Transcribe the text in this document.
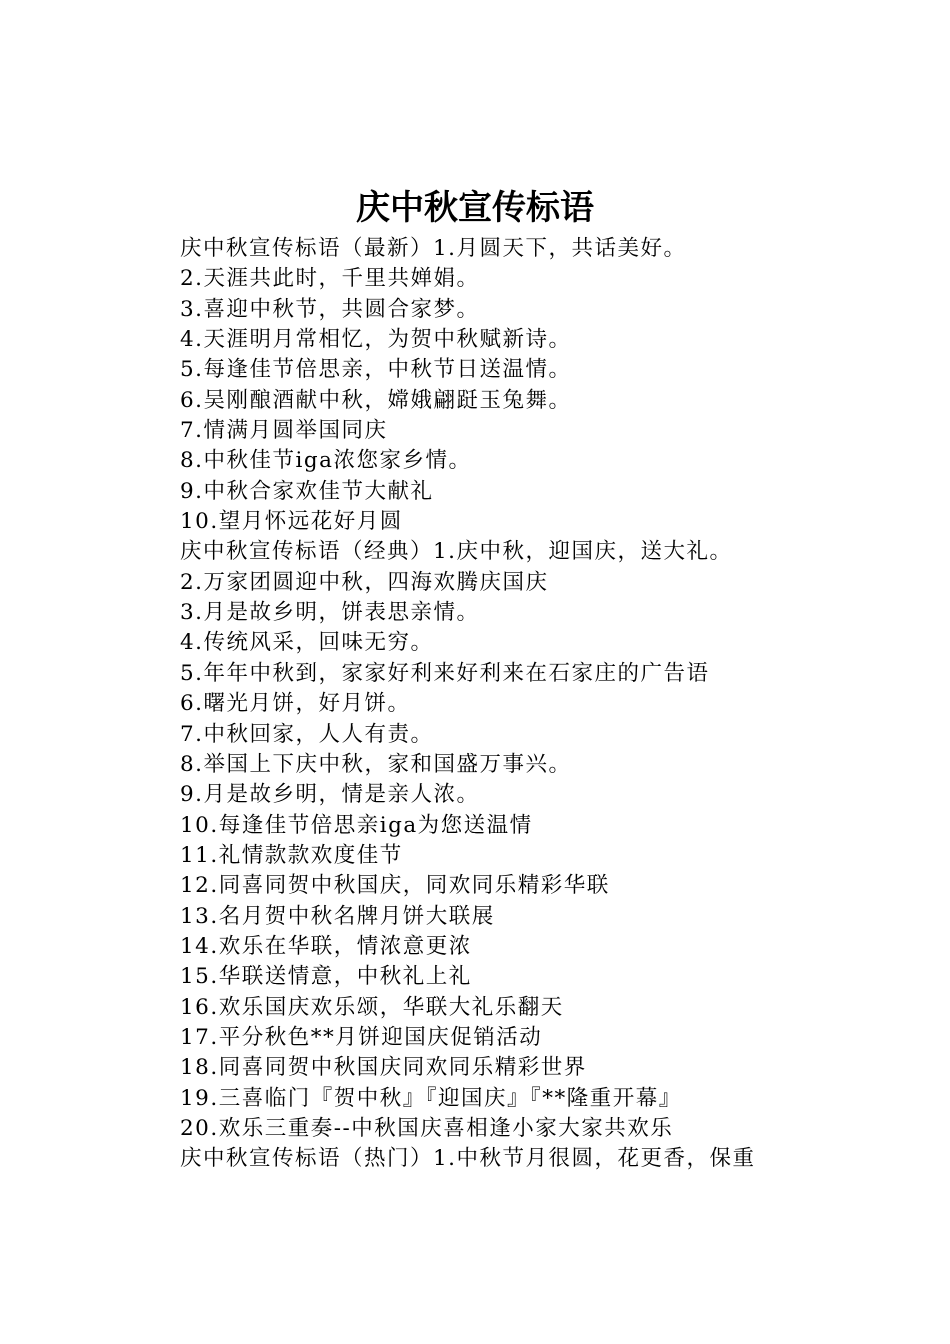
庆中秋宣传标语
庆中秋宣传标语（最新）1.月圆天下，共话美好。
2.天涯共此时，千里共婵娟。
3.喜迎中秋节，共圆合家梦。
4.天涯明月常相忆，为贺中秋赋新诗。
5.每逢佳节倍思亲，中秋节日送温情。
6.吴刚酿酒献中秋，嫦娥翩跹玉兔舞。
7.情满月圆举国同庆
8.中秋佳节iga浓您家乡情。
9.中秋合家欢佳节大献礼
10.望月怀远花好月圆
庆中秋宣传标语（经典）1.庆中秋，迎国庆，送大礼。
2.万家团圆迎中秋，四海欢腾庆国庆
3.月是故乡明，饼表思亲情。
4.传统风采，回味无穷。
5.年年中秋到，家家好利来好利来在石家庄的广告语
6.曙光月饼，好月饼。
7.中秋回家，人人有责。
8.举国上下庆中秋，家和国盛万事兴。
9.月是故乡明，情是亲人浓。
10.每逢佳节倍思亲iga为您送温情
11.礼情款款欢度佳节
12.同喜同贺中秋国庆，同欢同乐精彩华联
13.名月贺中秋名牌月饼大联展
14.欢乐在华联，情浓意更浓
15.华联送情意，中秋礼上礼
16.欢乐国庆欢乐颂，华联大礼乐翻天
17.平分秋色**月饼迎国庆促销活动
18.同喜同贺中秋国庆同欢同乐精彩世界
19.三喜临门『贺中秋』『迎国庆』『**隆重开幕』
20.欢乐三重奏--中秋国庆喜相逢小家大家共欢乐
庆中秋宣传标语（热门）1.中秋节月很圆，花更香，保重
